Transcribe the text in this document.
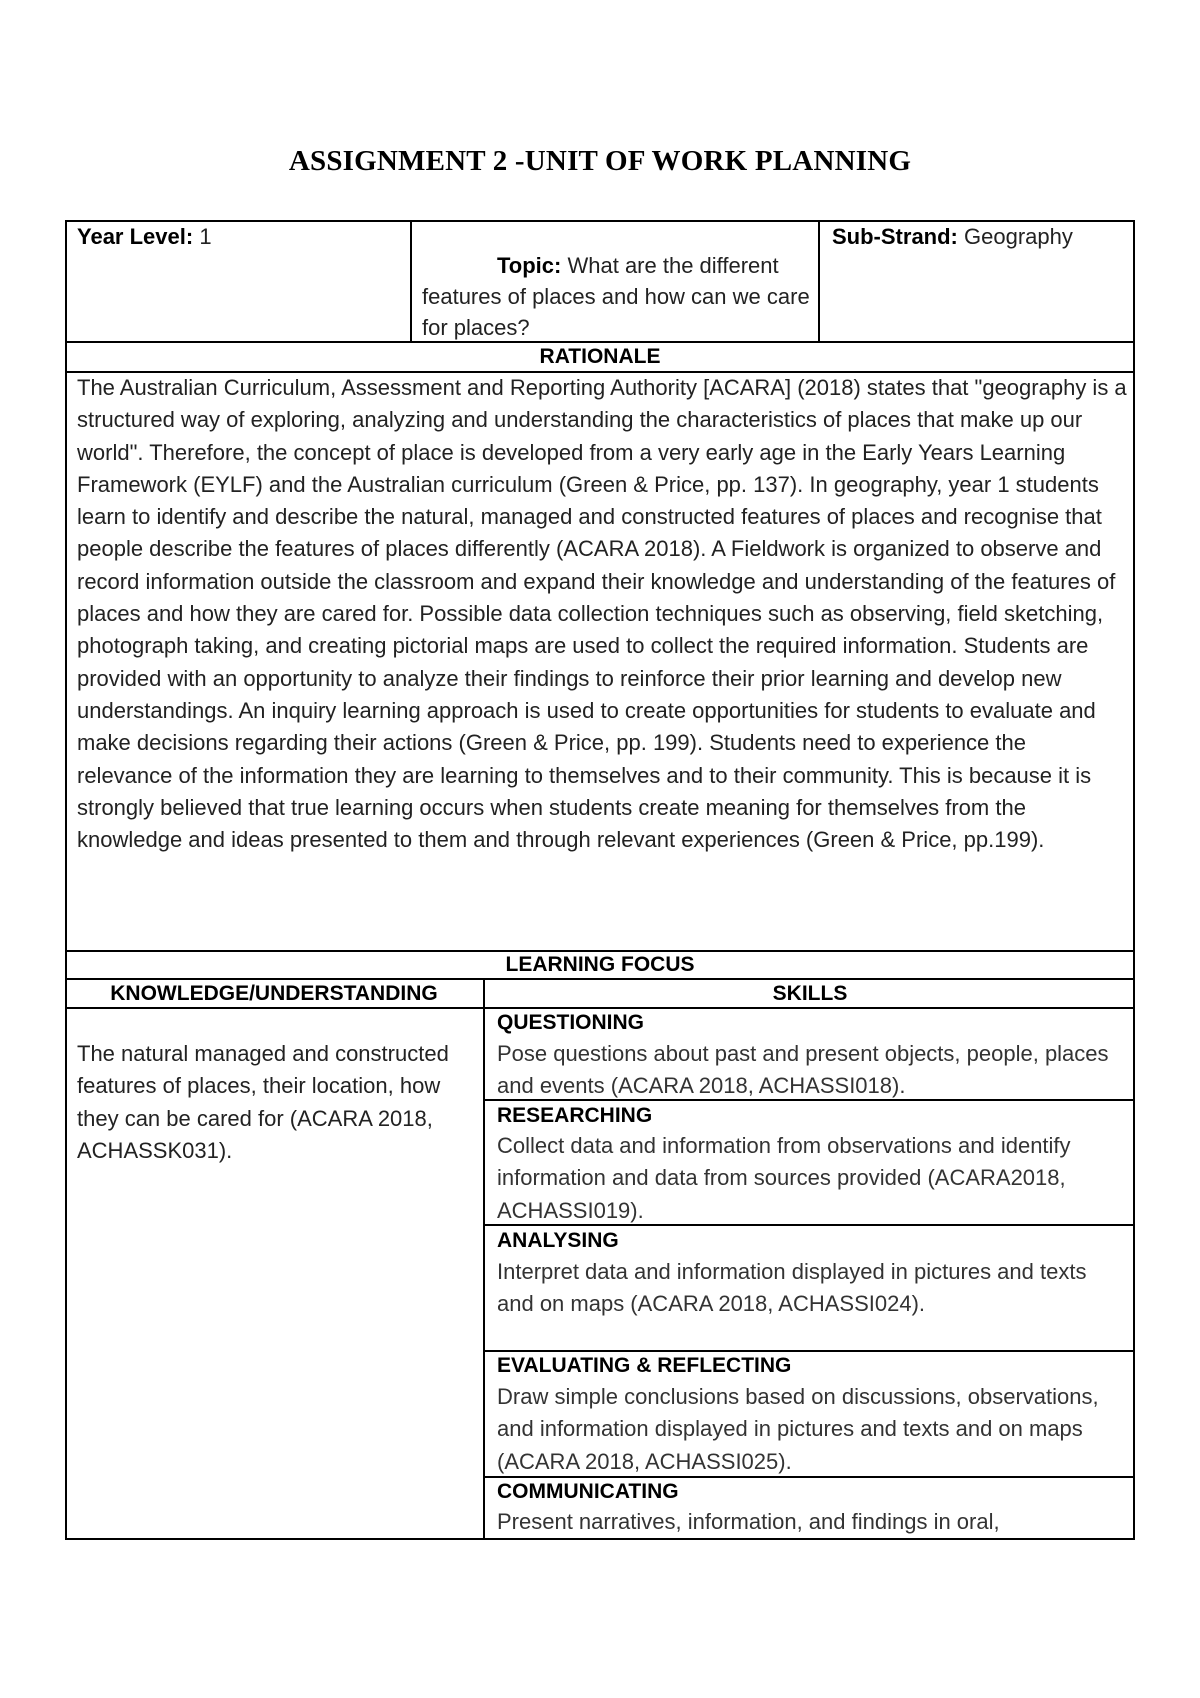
ASSIGNMENT 2 -UNIT OF WORK PLANNING
Year Level: 1
Topic: What are the different features of places and how can we care for places?
Sub-Strand: Geography
RATIONALE
The Australian Curriculum, Assessment and Reporting Authority [ACARA] (2018) states that "geography is a structured way of exploring, analyzing and understanding the characteristics of places that make up our world". Therefore, the concept of place is developed from a very early age in the Early Years Learning Framework (EYLF) and the Australian curriculum (Green & Price, pp. 137). In geography, year 1 students learn to identify and describe the natural, managed and constructed features of places and recognise that people describe the features of places differently (ACARA 2018). A Fieldwork is organized to observe and record information outside the classroom and expand their knowledge and understanding of the features of places and how they are cared for. Possible data collection techniques such as observing, field sketching, photograph taking, and creating pictorial maps are used to collect the required information. Students are provided with an opportunity to analyze their findings to reinforce their prior learning and develop new understandings. An inquiry learning approach is used to create opportunities for students to evaluate and make decisions regarding their actions (Green & Price, pp. 199). Students need to experience the relevance of the information they are learning to themselves and to their community. This is because it is strongly believed that true learning occurs when students create meaning for themselves from the knowledge and ideas presented to them and through relevant experiences (Green & Price, pp.199).
LEARNING FOCUS
KNOWLEDGE/UNDERSTANDING	SKILLS
The natural managed and constructed features of places, their location, how they can be cared for (ACARA 2018, ACHASSK031).
QUESTIONING
Pose questions about past and present objects, people, places and events (ACARA 2018, ACHASSI018).
RESEARCHING
Collect data and information from observations and identify information and data from sources provided (ACARA2018, ACHASSI019).
ANALYSING
Interpret data and information displayed in pictures and texts and on maps (ACARA 2018, ACHASSI024).
EVALUATING & REFLECTING
Draw simple conclusions based on discussions, observations, and information displayed in pictures and texts and on maps (ACARA 2018, ACHASSI025).
COMMUNICATING
Present narratives, information, and findings in oral,
